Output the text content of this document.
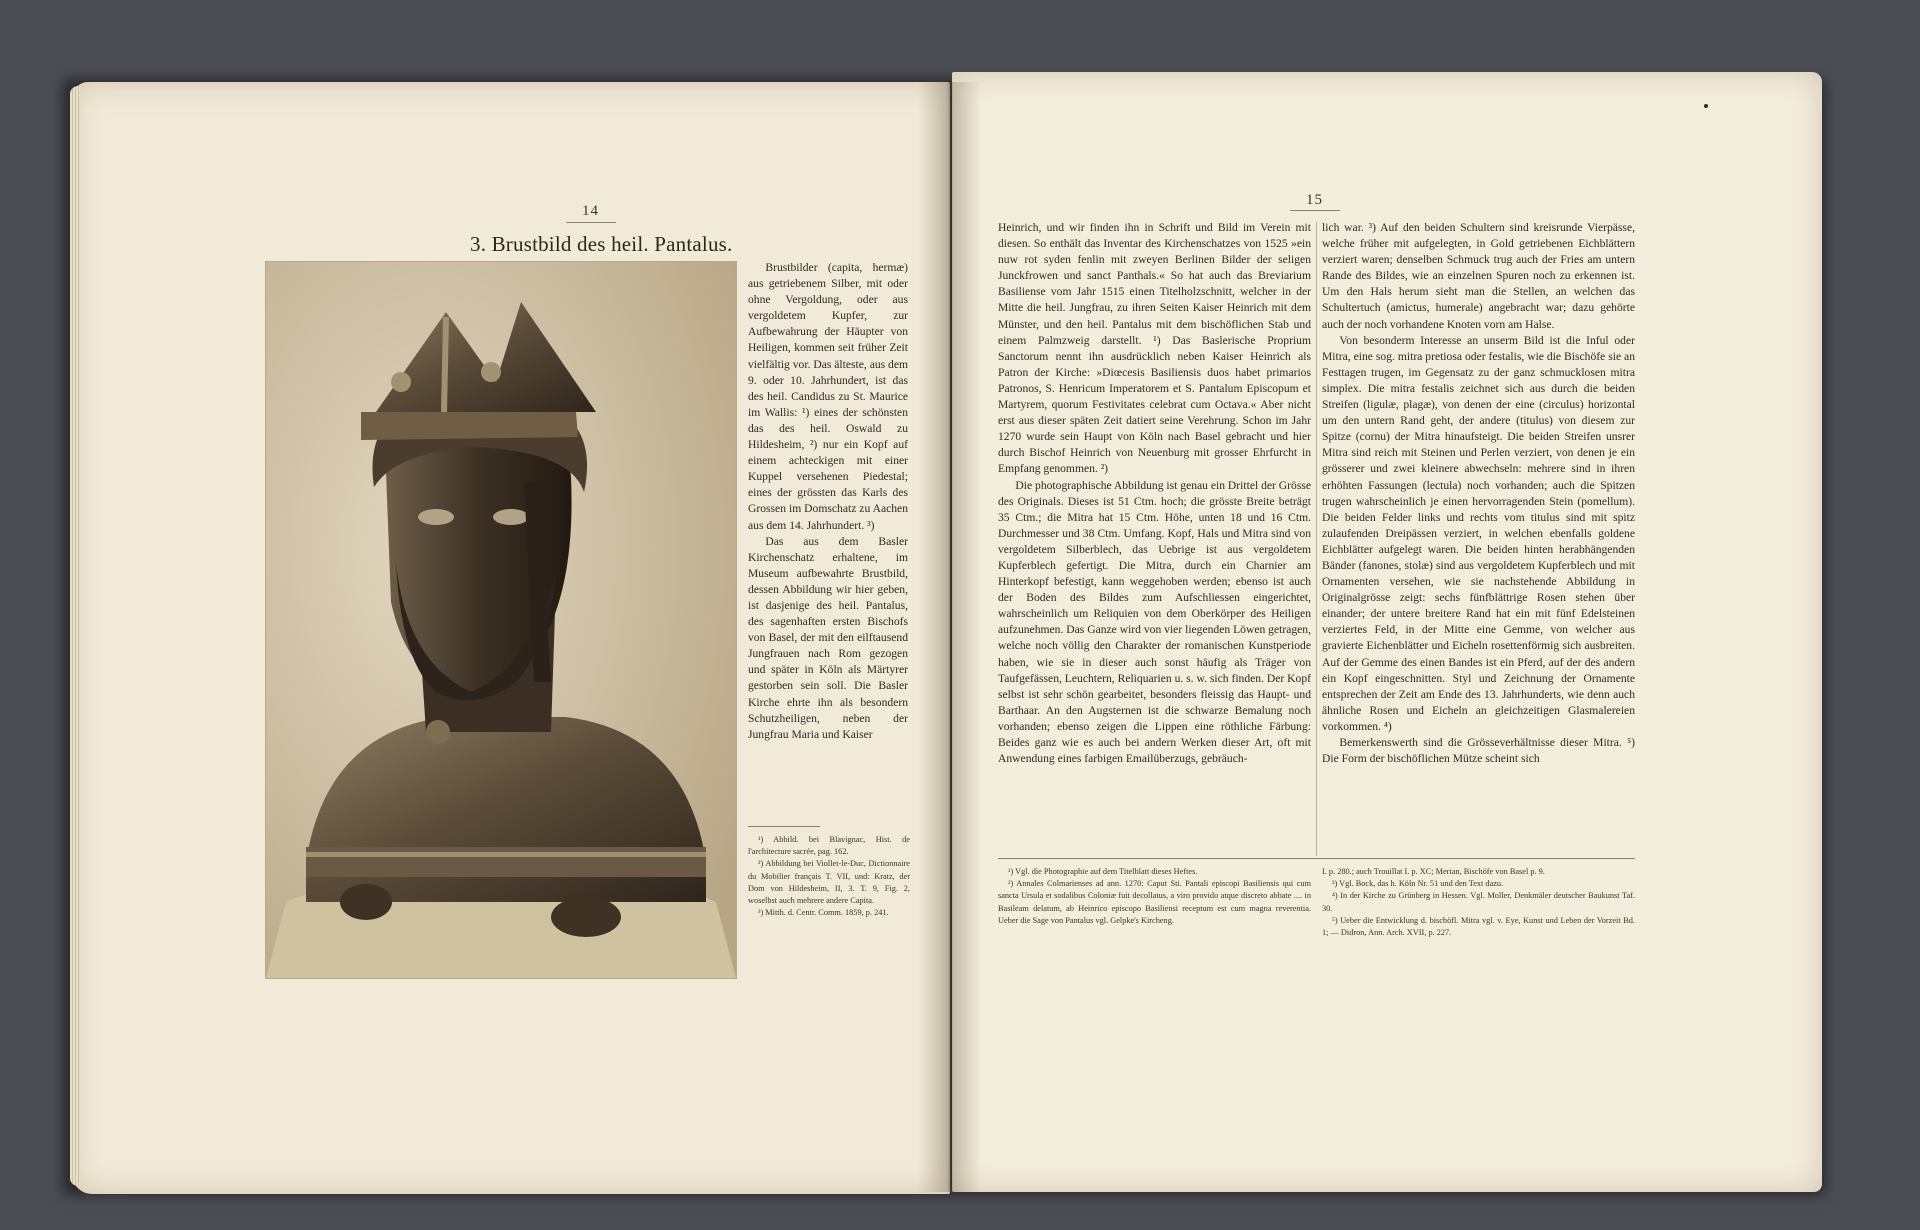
14
3. Brustbild des heil. Pantalus.

Brustbilder (capita, hermæ) aus getriebenem Silber, mit oder ohne Vergoldung, oder aus vergoldetem Kupfer, zur Aufbewahrung der Häupter von Heiligen, kommen seit früher Zeit vielfältig vor. Das älteste, aus dem 9. oder 10. Jahrhundert, ist das des heil. Candidus zu St. Maurice im Wallis: ¹) eines der schönsten das des heil. Oswald zu Hildesheim, ²) nur ein Kopf auf einem achteckigen mit einer Kuppel versehenen Piedestal; eines der grössten das Karls des Grossen im Domschatz zu Aachen aus dem 14. Jahrhundert. ³)

Das aus dem Basler Kirchenschatz erhaltene, im Museum aufbewahrte Brustbild, dessen Abbildung wir hier geben, ist dasjenige des heil. Pantalus, des sagenhaften ersten Bischofs von Basel, der mit den eilftausend Jungfrauen nach Rom gezogen und später in Köln als Märtyrer gestorben sein soll. Die Basler Kirche ehrte ihn als besondern Schutzheiligen, neben der Jungfrau Maria und Kaiser

¹) Abbild. bei Blavignac, Hist. de l'architecture sacrée, pag. 162.

²) Abbildung bei Viollet-le-Duc, Dictionnaire du Mobilier français T. VII, und: Kratz, der Dom von Hildesheim, II, 3. T. 9, Fig. 2, woselbst auch mehrere andere Capita.

³) Mitth. d. Centr. Comm. 1859, p. 241.

15

Heinrich, und wir finden ihn in Schrift und Bild im Verein mit diesen. So enthält das Inventar des Kirchenschatzes von 1525 »ein nuw rot syden fenlin mit zweyen Berlinen Bilder der seligen Junckfrowen und sanct Panthals.« So hat auch das Breviarium Basiliense vom Jahr 1515 einen Titelholzschnitt, welcher in der Mitte die heil. Jungfrau, zu ihren Seiten Kaiser Heinrich mit dem Münster, und den heil. Pantalus mit dem bischöflichen Stab und einem Palmzweig darstellt. ¹) Das Baslerische Proprium Sanctorum nennt ihn ausdrücklich neben Kaiser Heinrich als Patron der Kirche: »Diœcesis Basiliensis duos habet primarios Patronos, S. Henricum Imperatorem et S. Pantalum Episcopum et Martyrem, quorum Festivitates celebrat cum Octava.« Aber nicht erst aus dieser späten Zeit datiert seine Verehrung. Schon im Jahr 1270 wurde sein Haupt von Köln nach Basel gebracht und hier durch Bischof Heinrich von Neuenburg mit grosser Ehrfurcht in Empfang genommen. ²)

Die photographische Abbildung ist genau ein Drittel der Grösse des Originals. Dieses ist 51 Ctm. hoch; die grösste Breite beträgt 35 Ctm.; die Mitra hat 15 Ctm. Höhe, unten 18 und 16 Ctm. Durchmesser und 38 Ctm. Umfang. Kopf, Hals und Mitra sind von vergoldetem Silberblech, das Uebrige ist aus vergoldetem Kupferblech gefertigt. Die Mitra, durch ein Charnier am Hinterkopf befestigt, kann weggehoben werden; ebenso ist auch der Boden des Bildes zum Aufschliessen eingerichtet, wahrscheinlich um Reliquien von dem Oberkörper des Heiligen aufzunehmen. Das Ganze wird von vier liegenden Löwen getragen, welche noch völlig den Charakter der romanischen Kunstperiode haben, wie sie in dieser auch sonst häufig als Träger von Taufgefässen, Leuchtern, Reliquarien u. s. w. sich finden. Der Kopf selbst ist sehr schön gearbeitet, besonders fleissig das Haupt- und Barthaar. An den Augsternen ist die schwarze Bemalung noch vorhanden; ebenso zeigen die Lippen eine röthliche Färbung: Beides ganz wie es auch bei andern Werken dieser Art, oft mit Anwendung eines farbigen Emailüberzugs, gebräuch-

lich war. ³) Auf den beiden Schultern sind kreisrunde Vierpässe, welche früher mit aufgelegten, in Gold getriebenen Eichblättern verziert waren; denselben Schmuck trug auch der Fries am untern Rande des Bildes, wie an einzelnen Spuren noch zu erkennen ist. Um den Hals herum sieht man die Stellen, an welchen das Schultertuch (amictus, humerale) angebracht war; dazu gehörte auch der noch vorhandene Knoten vorn am Halse.

Von besonderm Interesse an unserm Bild ist die Inful oder Mitra, eine sog. mitra pretiosa oder festalis, wie die Bischöfe sie an Festtagen trugen, im Gegensatz zu der ganz schmucklosen mitra simplex. Die mitra festalis zeichnet sich aus durch die beiden Streifen (ligulæ, plagæ), von denen der eine (circulus) horizontal um den untern Rand geht, der andere (titulus) von diesem zur Spitze (cornu) der Mitra hinaufsteigt. Die beiden Streifen unsrer Mitra sind reich mit Steinen und Perlen verziert, von denen je ein grösserer und zwei kleinere abwechseln: mehrere sind in ihren erhöhten Fassungen (lectula) noch vorhanden; auch die Spitzen trugen wahrscheinlich je einen hervorragenden Stein (pomellum). Die beiden Felder links und rechts vom titulus sind mit spitz zulaufenden Dreipässen verziert, in welchen ebenfalls goldene Eichblätter aufgelegt waren. Die beiden hinten herabhängenden Bänder (fanones, stolæ) sind aus vergoldetem Kupferblech und mit Ornamenten versehen, wie sie nachstehende Abbildung in Originalgrösse zeigt: sechs fünfblättrige Rosen stehen über einander; der untere breitere Rand hat ein mit fünf Edelsteinen verziertes Feld, in der Mitte eine Gemme, von welcher aus gravierte Eichenblätter und Eicheln rosettenförmig sich ausbreiten. Auf der Gemme des einen Bandes ist ein Pferd, auf der des andern ein Kopf eingeschnitten. Styl und Zeichnung der Ornamente entsprechen der Zeit am Ende des 13. Jahrhunderts, wie denn auch ähnliche Rosen und Eicheln an gleichzeitigen Glasmalereien vorkommen. ⁴)

Bemerkenswerth sind die Grösseverhältnisse dieser Mitra. ⁵) Die Form der bischöflichen Mütze scheint sich

¹) Vgl. die Photographie auf dem Titelblatt dieses Heftes.

²) Annales Colmarienses ad ann. 1270: Caput Sti. Pantali episcopi Basiliensis qui cum sancta Ursula et sodalibus Coloniæ fuit decollatus, a viro provido atque discreto abbate .... in Basileam delatum, ab Heinrico episcopo Basiliensi receptum est cum magna reverentia. Ueber die Sage von Pantalus vgl. Gelpke's Kircheng.

I. p. 280.; auch Trouillat I. p. XC; Merian, Bischöfe von Basel p. 9.

³) Vgl. Bock, das h. Köln Nr. 51 und den Text dazu.

⁴) In der Kirche zu Grünberg in Hessen. Vgl. Moller, Denkmäler deutscher Baukunst Taf. 30.

⁵) Ueber die Entwicklung d. bischöfl. Mitra vgl. v. Eye, Kunst und Leben der Vorzeit Bd. 1; — Didron, Ann. Arch. XVII, p. 227.
